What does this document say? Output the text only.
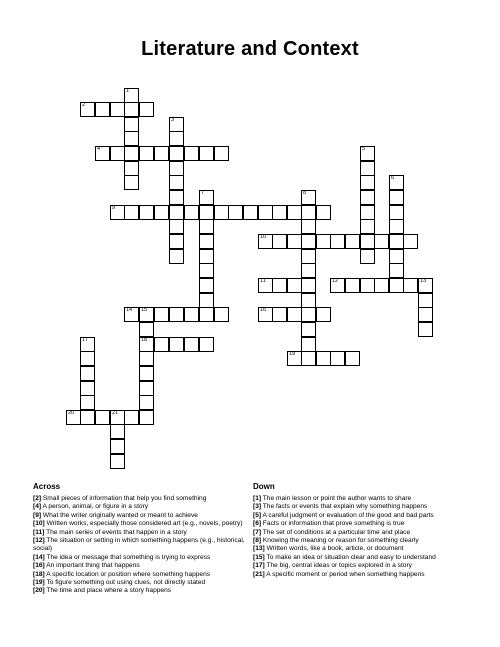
Literature and Context
1
2
3
4	5
6
7	8
9
10
11	12	13
14 15	16
17	18
19
20	21
Across
[2] Small pieces of information that help you find something
[4] A person, animal, or figure in a story
[9] What the writer originally wanted or meant to achieve
[10] Written works, especially those considered art (e.g., novels, poetry)
[11] The main series of events that happen in a story
[12] The situation or setting in which something happens (e.g., historical, social)
[14] The idea or message that something is trying to express
[16] An important thing that happens
[18] A specific location or position where something happens
[19] To figure something out using clues, not directly stated
[20] The time and place where a story happens
Down
[1] The main lesson or point the author wants to share
[3] The facts or events that explain why something happens
[5] A careful judgment or evaluation of the good and bad parts
[6] Facts or information that prove something is true
[7] The set of conditions at a particular time and place
[8] Knowing the meaning or reason for something clearly
[13] Written words, like a book, article, or document
[15] To make an idea or situation clear and easy to understand
[17] The big, central ideas or topics explored in a story
[21] A specific moment or period when something happens
